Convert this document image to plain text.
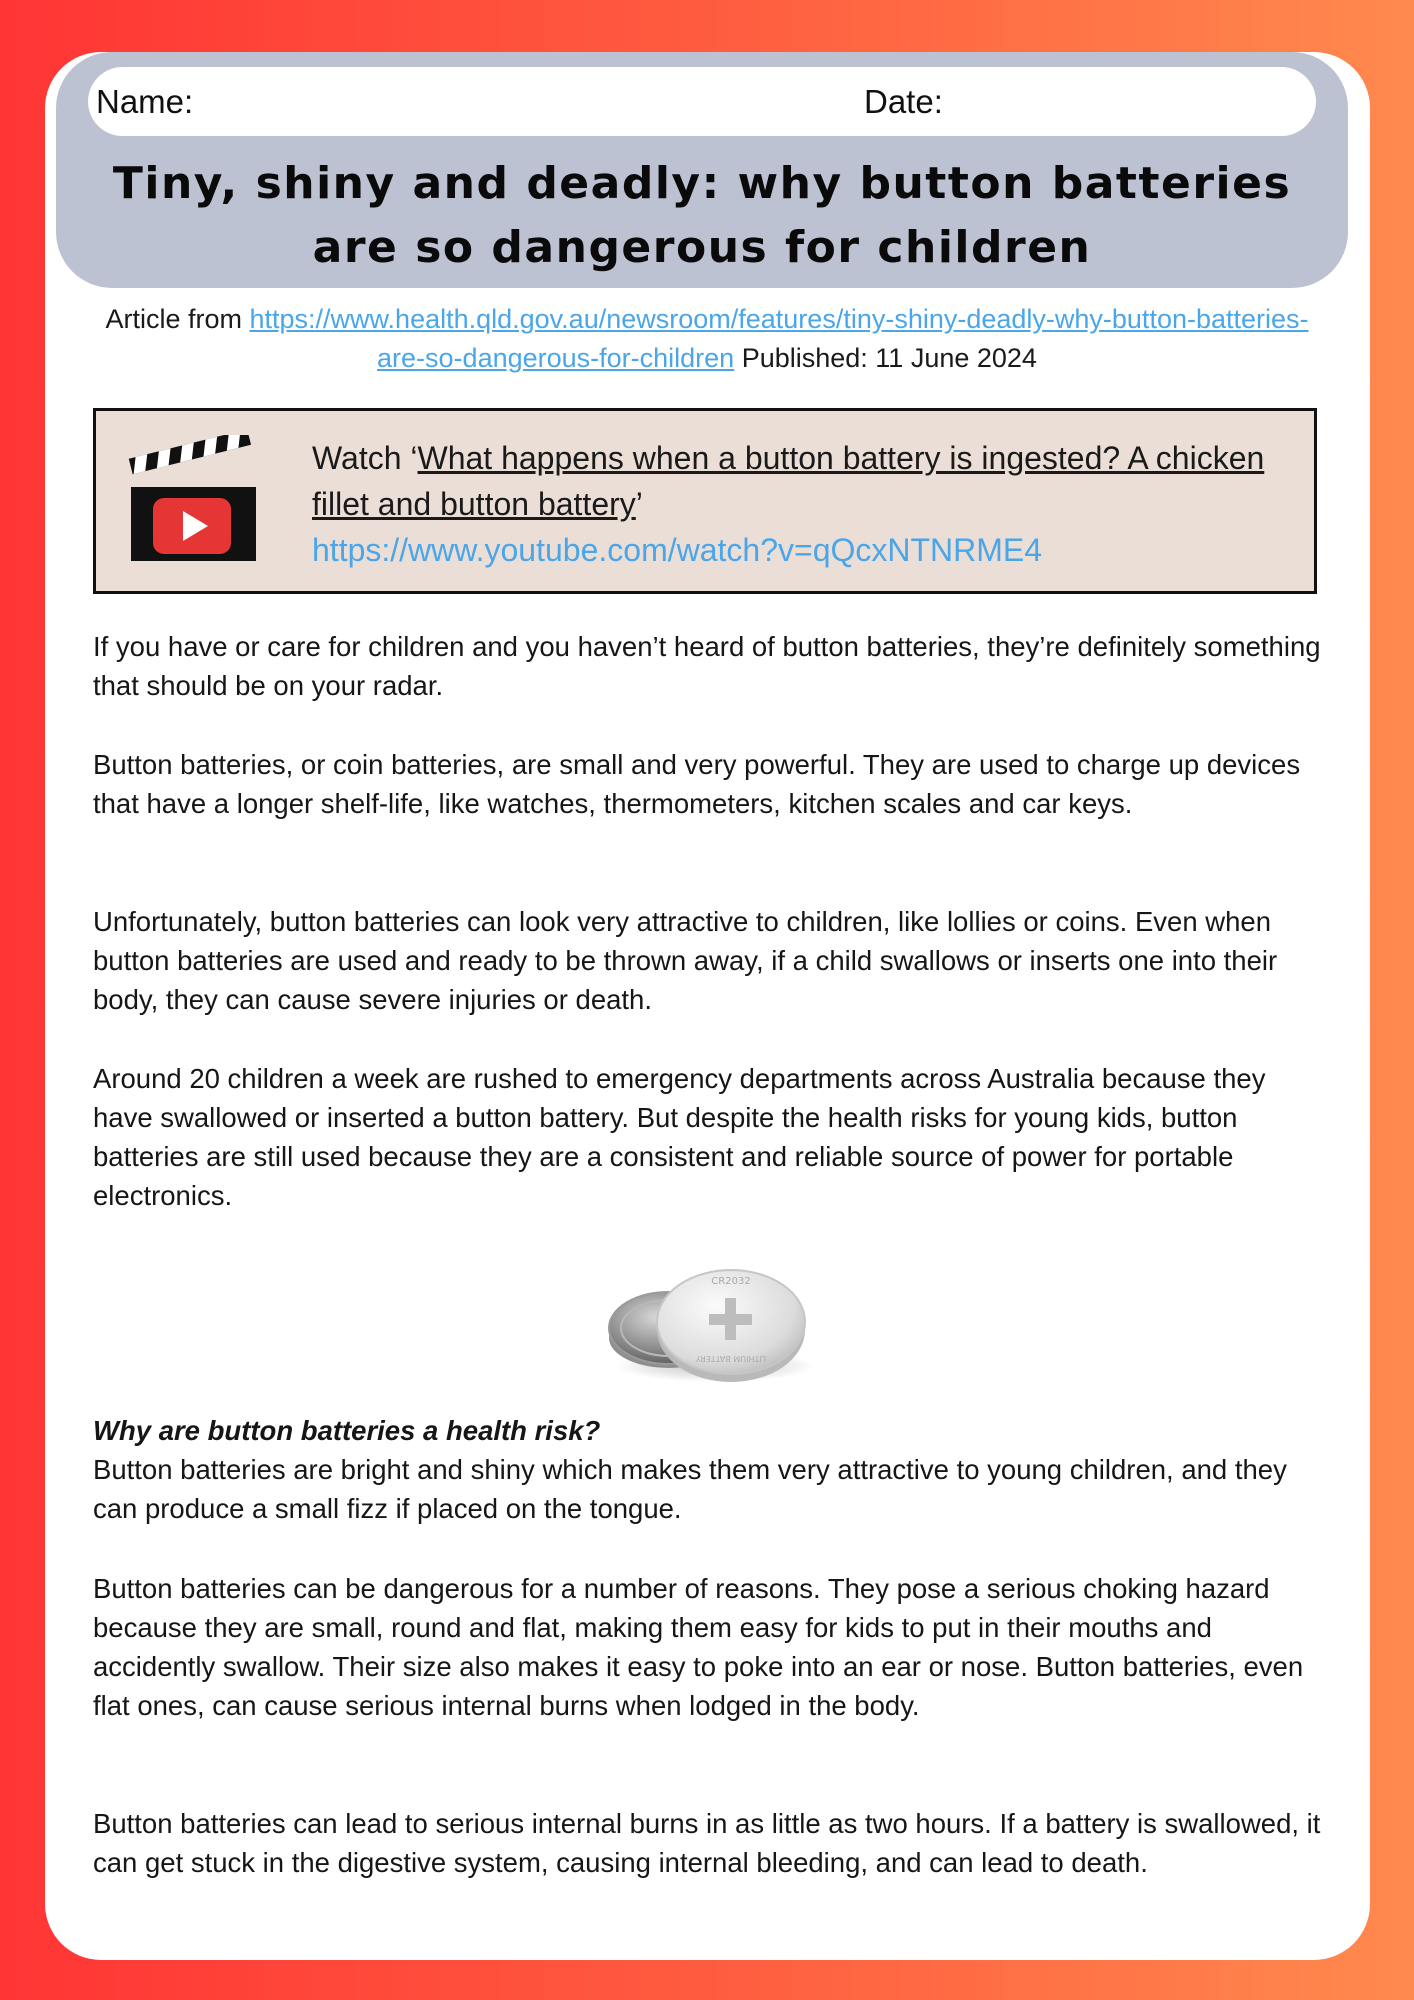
Name:	Date:
Tiny, shiny and deadly: why button batteries
are so dangerous for children
Article from https://www.health.qld.gov.au/newsroom/features/tiny-shiny-deadly-why-button-batteries-are-so-dangerous-for-children Published: 11 June 2024
Watch ‘What happens when a button battery is ingested? A chicken fillet and button battery’
https://www.youtube.com/watch?v=qQcxNTNRME4

If you have or care for children and you haven’t heard of button batteries, they’re definitely something that should be on your radar.

Button batteries, or coin batteries, are small and very powerful. They are used to charge up devices that have a longer shelf-life, like watches, thermometers, kitchen scales and car keys.

Unfortunately, button batteries can look very attractive to children, like lollies or coins. Even when button batteries are used and ready to be thrown away, if a child swallows or inserts one into their body, they can cause severe injuries or death.

Around 20 children a week are rushed to emergency departments across Australia because they have swallowed or inserted a button battery. But despite the health risks for young kids, button batteries are still used because they are a consistent and reliable source of power for portable electronics.

CR2032
LITHIUM BATTERY
Why are button batteries a health risk?
Button batteries are bright and shiny which makes them very attractive to young children, and they can produce a small fizz if placed on the tongue.

Button batteries can be dangerous for a number of reasons. They pose a serious choking hazard because they are small, round and flat, making them easy for kids to put in their mouths and accidently swallow. Their size also makes it easy to poke into an ear or nose. Button batteries, even flat ones, can cause serious internal burns when lodged in the body.

Button batteries can lead to serious internal burns in as little as two hours. If a battery is swallowed, it can get stuck in the digestive system, causing internal bleeding, and can lead to death.
